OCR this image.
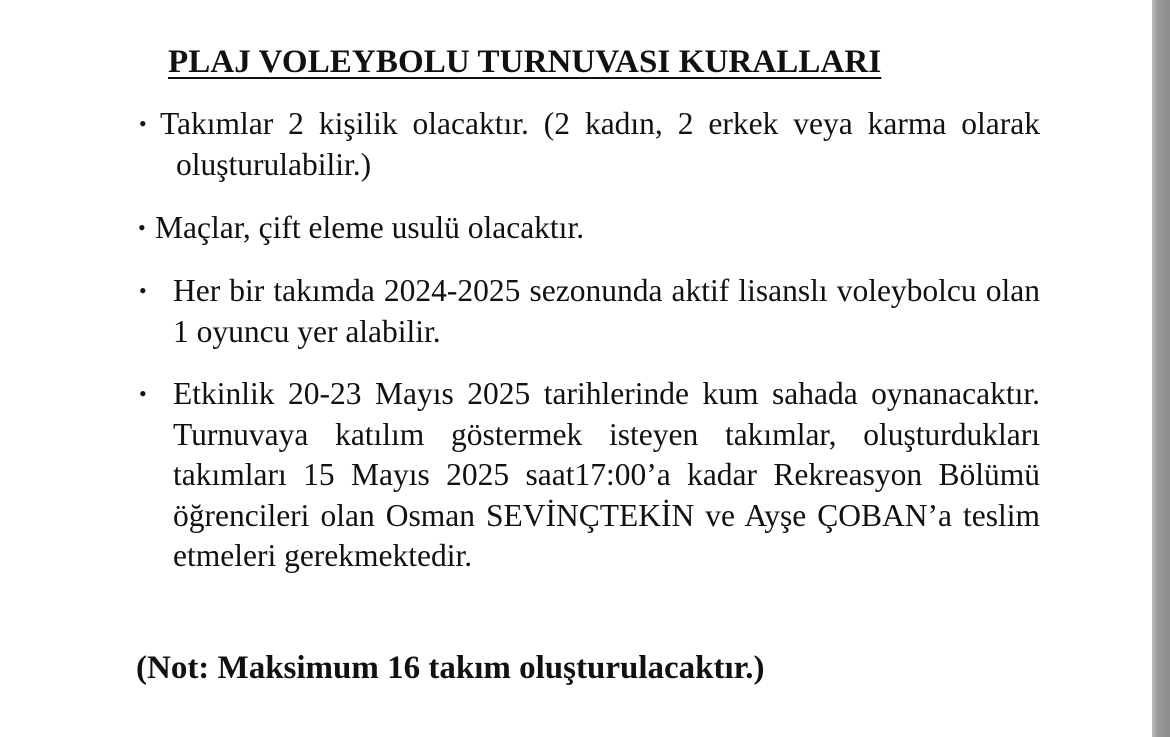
PLAJ VOLEYBOLU TURNUVASI KURALLARI
• Takımlar 2 kişilik olacaktır. (2 kadın, 2 erkek veya karma olarak oluşturulabilir.)
• Maçlar, çift eleme usulü olacaktır.
• Her bir takımda 2024-2025 sezonunda aktif lisanslı voleybolcu olan 1 oyuncu yer alabilir.
• Etkinlik 20-23 Mayıs 2025 tarihlerinde kum sahada oynanacaktır. Turnuvaya katılım göstermek isteyen takımlar, oluşturdukları takımları 15 Mayıs 2025 saat17:00’a kadar Rekreasyon Bölümü öğrencileri olan Osman SEVİNÇTEKİN ve Ayşe ÇOBAN’a teslim etmeleri gerekmektedir.
(Not: Maksimum 16 takım oluşturulacaktır.)
